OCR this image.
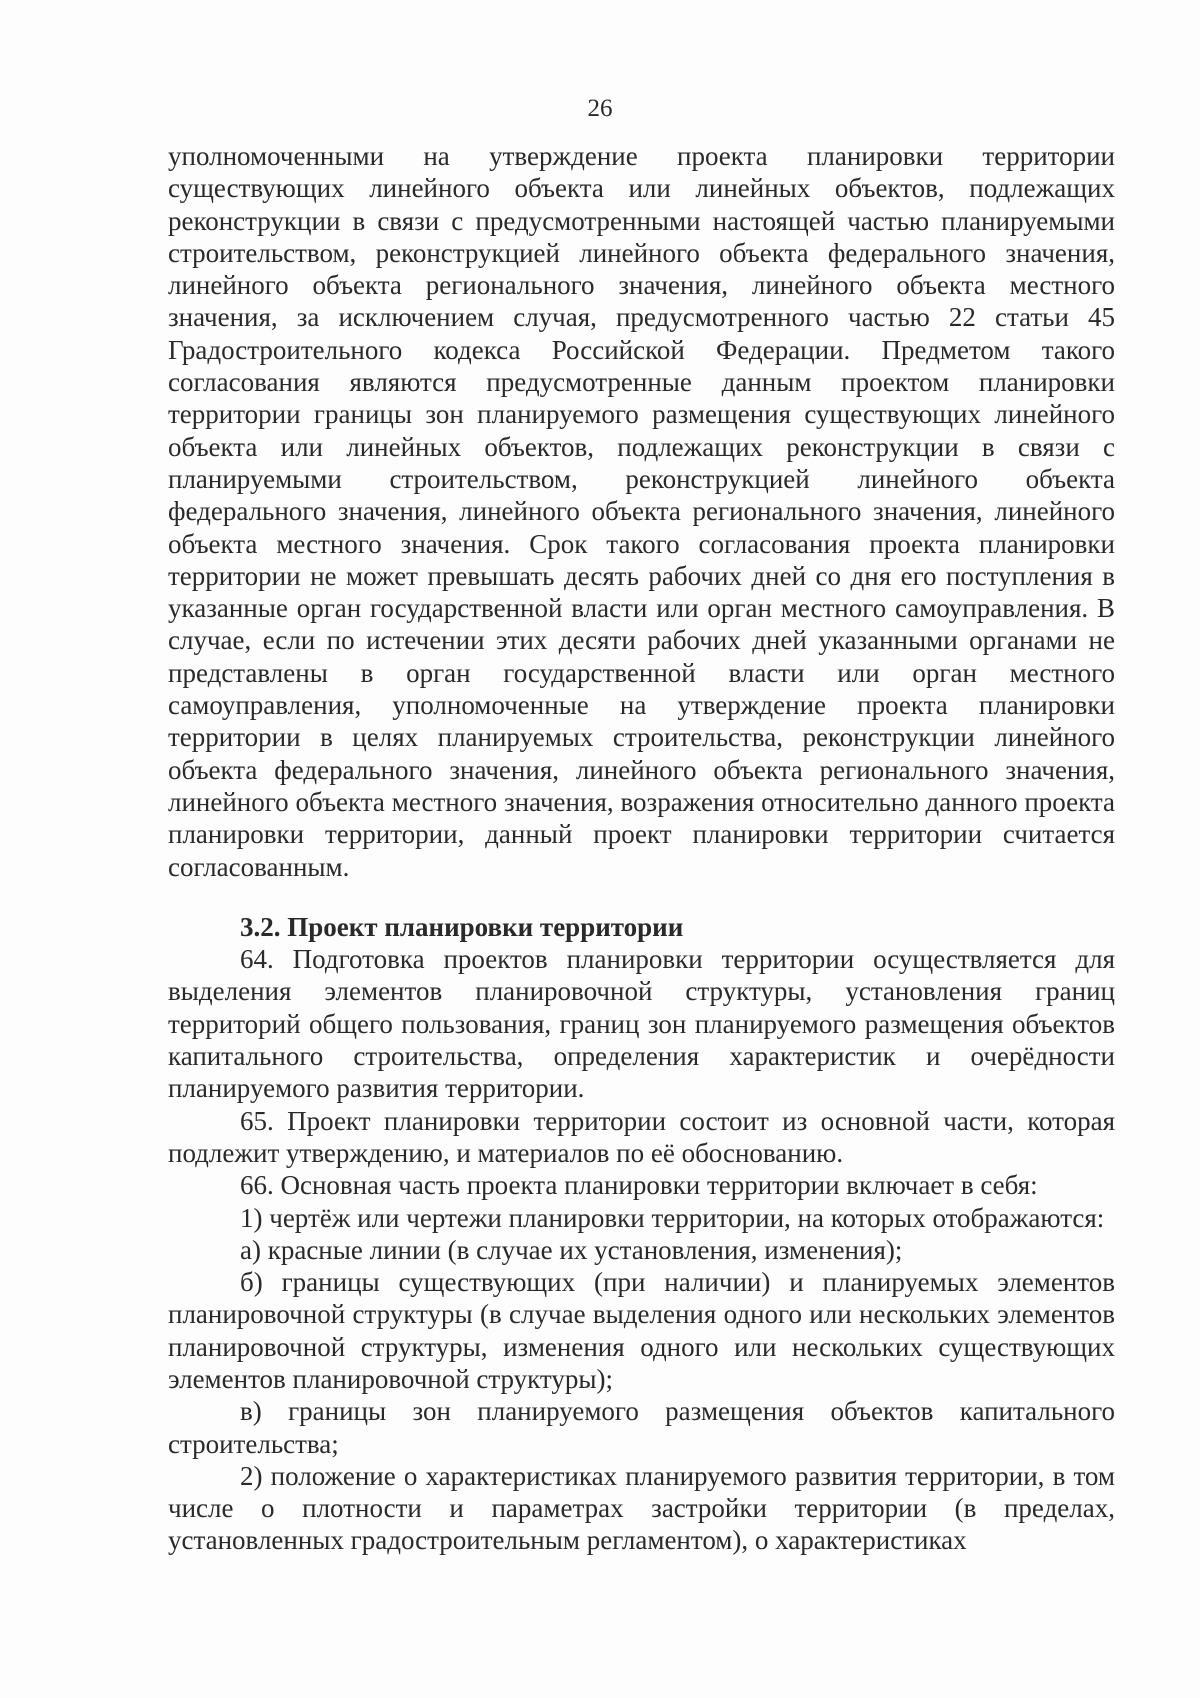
26

уполномоченными на утверждение проекта планировки территории существующих линейного объекта или линейных объектов, подлежащих реконструкции в связи с предусмотренными настоящей частью планируемыми строительством, реконструкцией линейного объекта федерального значения, линейного объекта регионального значения, линейного объекта местного значения, за исключением случая, предусмотренного частью 22 статьи 45 Градостроительного кодекса Российской Федерации. Предметом такого согласования являются предусмотренные данным проектом планировки территории границы зон планируемого размещения существующих линейного объекта или линейных объектов, подлежащих реконструкции в связи с планируемыми строительством, реконструкцией линейного объекта федерального значения, линейного объекта регионального значения, линейного объекта местного значения. Срок такого согласования проекта планировки территории не может превышать десять рабочих дней со дня его поступления в указанные орган государственной власти или орган местного самоуправления. В случае, если по истечении этих десяти рабочих дней указанными органами не представлены в орган государственной власти или орган местного самоуправления, уполномоченные на утверждение проекта планировки территории в целях планируемых строительства, реконструкции линейного объекта федерального значения, линейного объекта регионального значения, линейного объекта местного значения, возражения относительно данного проекта планировки территории, данный проект планировки территории считается согласованным.

3.2. Проект планировки территории

64. Подготовка проектов планировки территории осуществляется для выделения элементов планировочной структуры, установления границ территорий общего пользования, границ зон планируемого размещения объектов капитального строительства, определения характеристик и очерёдности планируемого развития территории.

65. Проект планировки территории состоит из основной части, которая подлежит утверждению, и материалов по её обоснованию.

66. Основная часть проекта планировки территории включает в себя:

1) чертёж или чертежи планировки территории, на которых отображаются:

а) красные линии (в случае их установления, изменения);

б) границы существующих (при наличии) и планируемых элементов планировочной структуры (в случае выделения одного или нескольких элементов планировочной структуры, изменения одного или нескольких существующих элементов планировочной структуры);

в) границы зон планируемого размещения объектов капитального строительства;

2) положение о характеристиках планируемого развития территории, в том числе о плотности и параметрах застройки территории (в пределах, установленных градостроительным регламентом), о характеристиках
